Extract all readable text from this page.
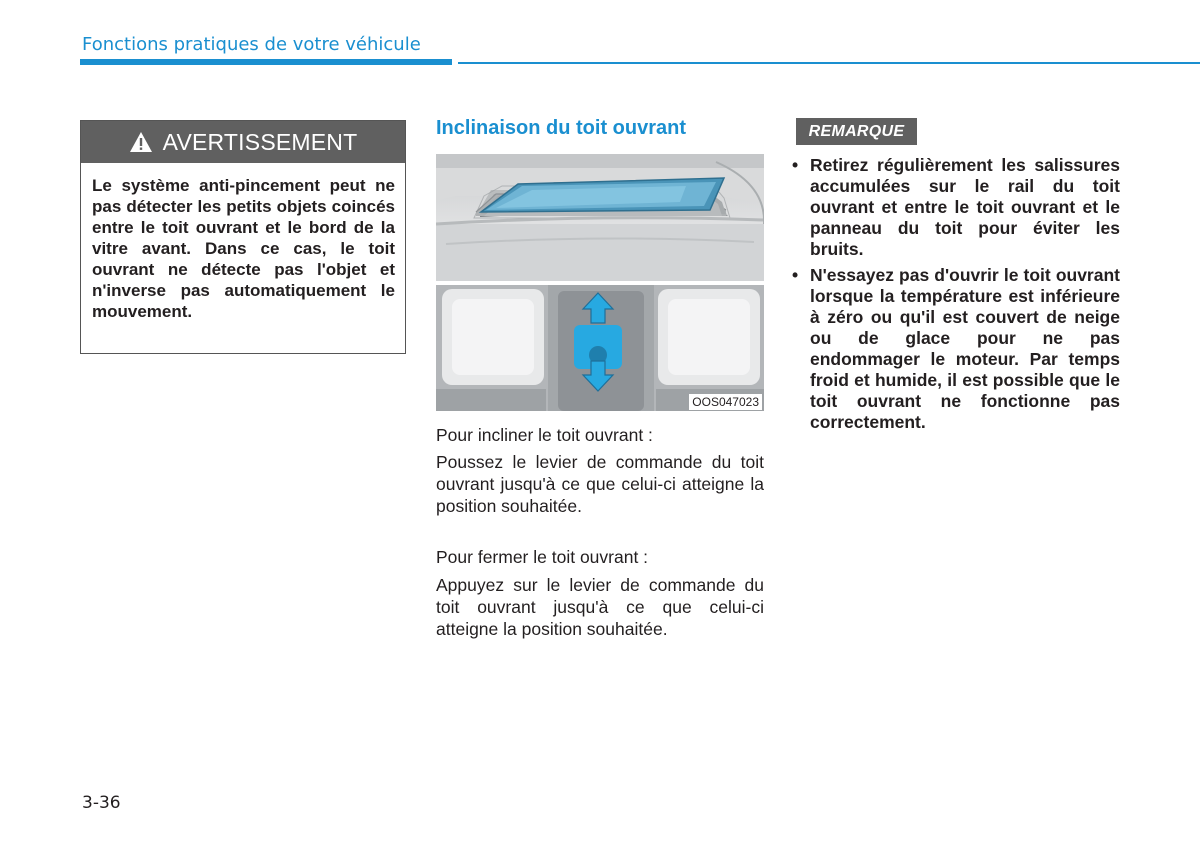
Fonctions pratiques de votre véhicule
AVERTISSEMENT
Le système anti-pincement peut ne pas détecter les petits objets coincés entre le toit ouvrant et le bord de la vitre avant. Dans ce cas, le toit ouvrant ne détecte pas l'objet et n'inverse pas automatiquement le mouvement.
Inclinaison du toit ouvrant
OOS047023
Pour incliner le toit ouvrant :
Poussez le levier de commande du toit ouvrant jusqu'à ce que celui-ci atteigne la position souhaitée.
Pour fermer le toit ouvrant :
Appuyez sur le levier de commande du toit ouvrant jusqu'à ce que celui-ci atteigne la position souhaitée.
REMARQUE
• Retirez régulièrement les salissures accumulées sur le rail du toit ouvrant et entre le toit ouvrant et le panneau du toit pour éviter les bruits.
• N'essayez pas d'ouvrir le toit ouvrant lorsque la température est inférieure à zéro ou qu'il est couvert de neige ou de glace pour ne pas endommager le moteur. Par temps froid et humide, il est possible que le toit ouvrant ne fonctionne pas correctement.
3-36
